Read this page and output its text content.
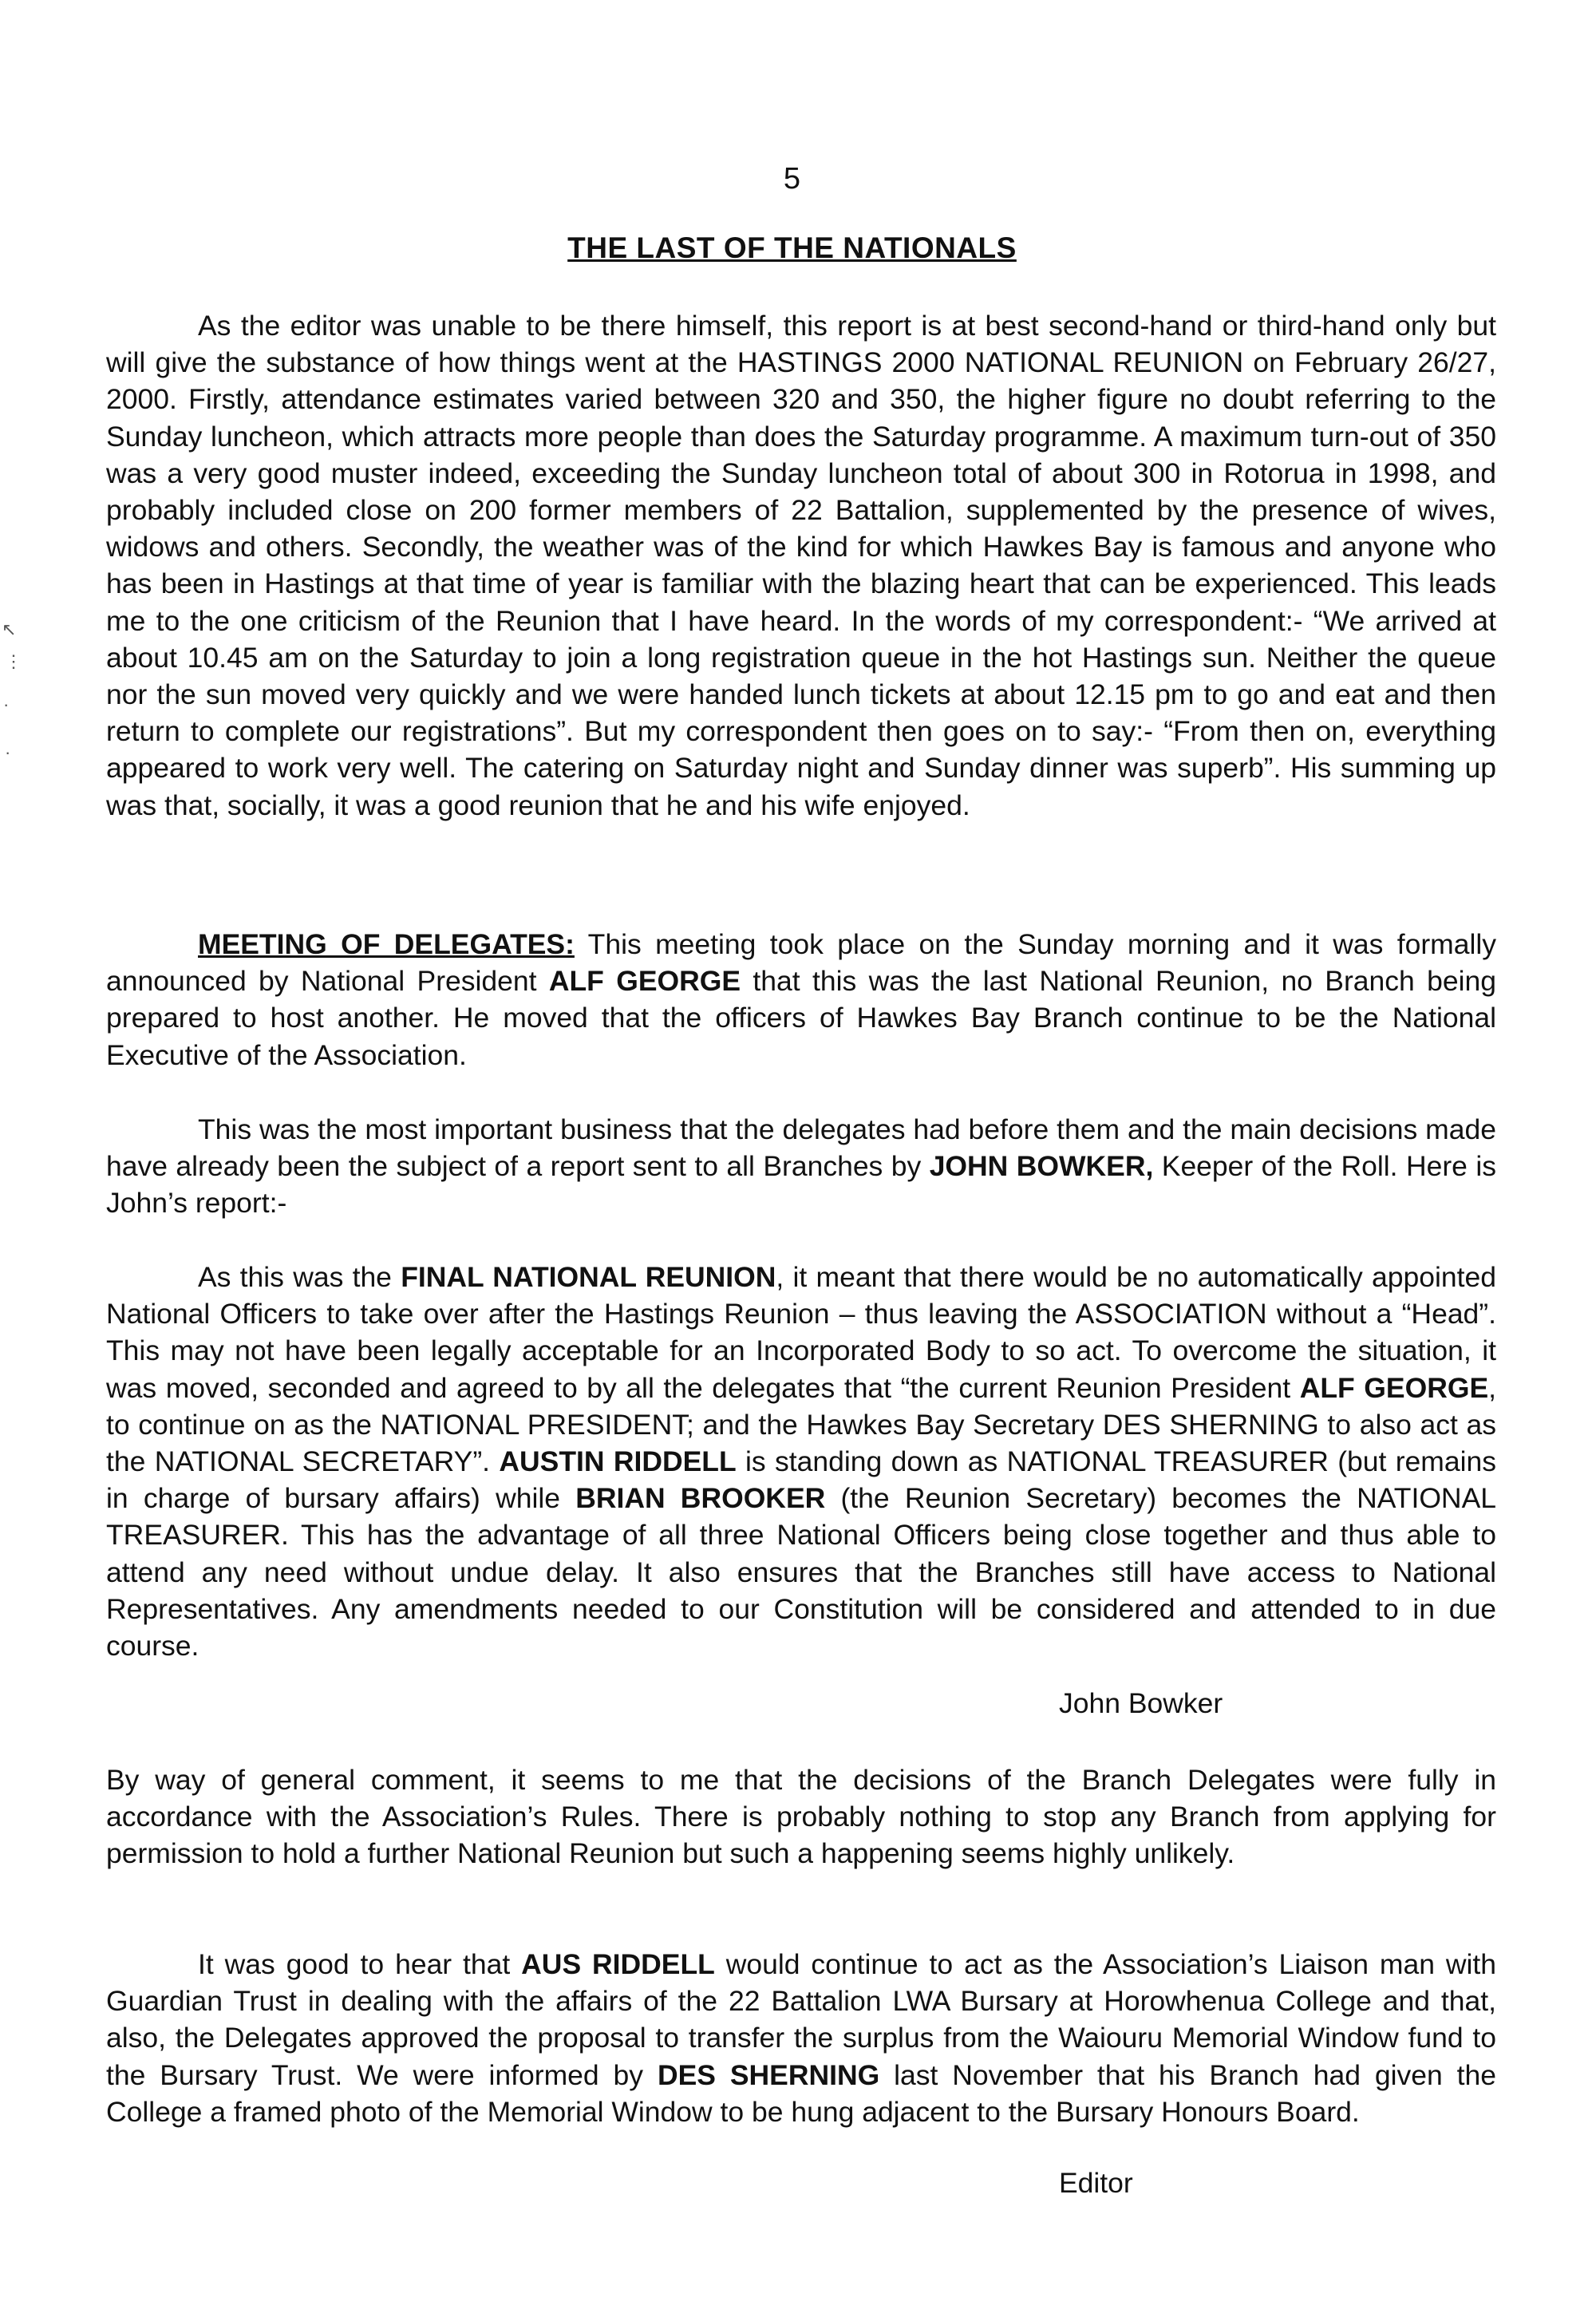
↖
⋮
·
·
5
THE LAST OF THE NATIONALS

As the editor was unable to be there himself, this report is at best second-hand or third-hand only but will give the substance of how things went at the HASTINGS 2000 NATIONAL REUNION on February 26/27, 2000. Firstly, attendance estimates varied between 320 and 350, the higher figure no doubt referring to the Sunday luncheon, which attracts more people than does the Saturday programme. A maximum turn-out of 350 was a very good muster indeed, exceeding the Sunday luncheon total of about 300 in Rotorua in 1998, and probably included close on 200 former members of 22 Battalion, supplemented by the presence of wives, widows and others. Secondly, the weather was of the kind for which Hawkes Bay is famous and anyone who has been in Hastings at that time of year is familiar with the blazing heart that can be experienced. This leads me to the one criticism of the Reunion that I have heard. In the words of my correspondent:- “We arrived at about 10.45 am on the Saturday to join a long registration queue in the hot Hastings sun. Neither the queue nor the sun moved very quickly and we were handed lunch tickets at about 12.15 pm to go and eat and then return to complete our registrations”. But my correspondent then goes on to say:- “From then on, everything appeared to work very well. The catering on Saturday night and Sunday dinner was superb”. His summing up was that, socially, it was a good reunion that he and his wife enjoyed.

MEETING OF DELEGATES: This meeting took place on the Sunday morning and it was formally announced by National President ALF GEORGE that this was the last National Reunion, no Branch being prepared to host another. He moved that the officers of Hawkes Bay Branch continue to be the National Executive of the Association.

This was the most important business that the delegates had before them and the main decisions made have already been the subject of a report sent to all Branches by JOHN BOWKER, Keeper of the Roll. Here is John’s report:-

As this was the FINAL NATIONAL REUNION, it meant that there would be no automatically appointed National Officers to take over after the Hastings Reunion – thus leaving the ASSOCIATION without a “Head”. This may not have been legally acceptable for an Incorporated Body to so act. To overcome the situation, it was moved, seconded and agreed to by all the delegates that “the current Reunion President ALF GEORGE, to continue on as the NATIONAL PRESIDENT; and the Hawkes Bay Secretary DES SHERNING to also act as the NATIONAL SECRETARY”. AUSTIN RIDDELL is standing down as NATIONAL TREASURER (but remains in charge of bursary affairs) while BRIAN BROOKER (the Reunion Secretary) becomes the NATIONAL TREASURER. This has the advantage of all three National Officers being close together and thus able to attend any need without undue delay. It also ensures that the Branches still have access to National Representatives. Any amendments needed to our Constitution will be considered and attended to in due course.

John Bowker

By way of general comment, it seems to me that the decisions of the Branch Delegates were fully in accordance with the Association’s Rules. There is probably nothing to stop any Branch from applying for permission to hold a further National Reunion but such a happening seems highly unlikely.

It was good to hear that AUS RIDDELL would continue to act as the Association’s Liaison man with Guardian Trust in dealing with the affairs of the 22 Battalion LWA Bursary at Horowhenua College and that, also, the Delegates approved the proposal to transfer the surplus from the Waiouru Memorial Window fund to the Bursary Trust. We were informed by DES SHERNING last November that his Branch had given the College a framed photo of the Memorial Window to be hung adjacent to the Bursary Honours Board.

Editor
